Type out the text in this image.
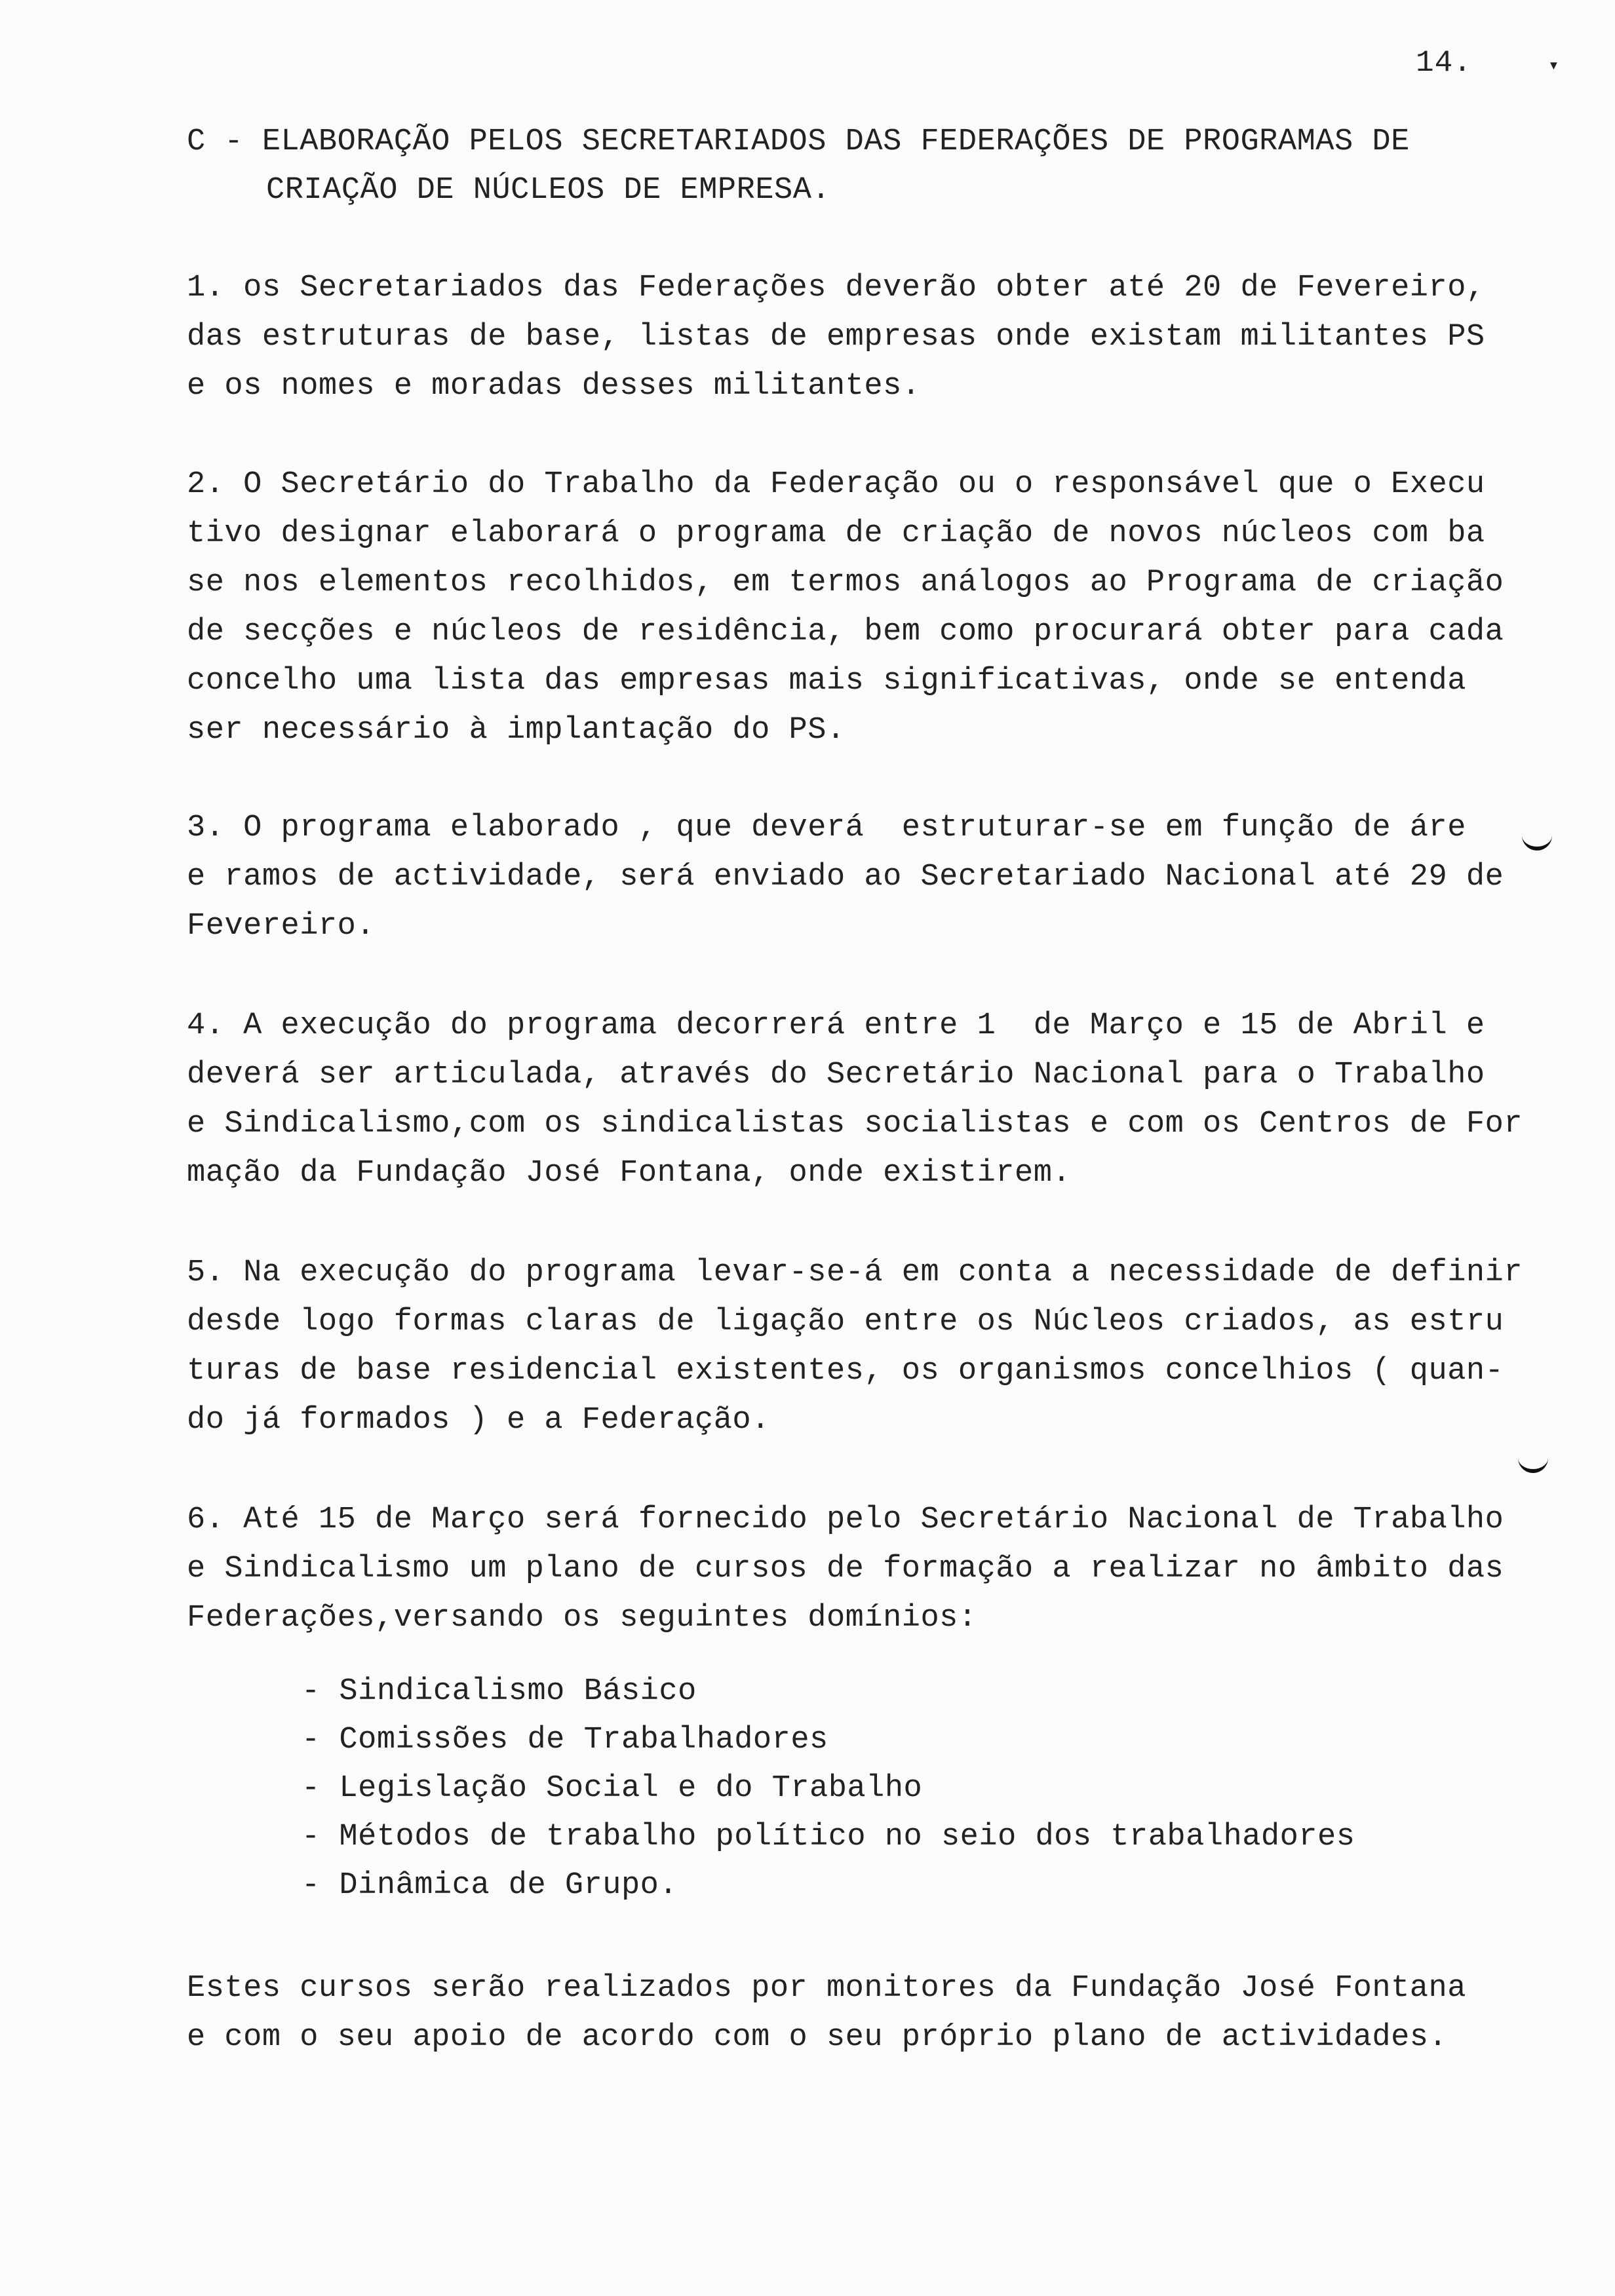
14.	▾
C - ELABORAÇÃO PELOS SECRETARIADOS DAS FEDERAÇÕES DE PROGRAMAS DE
CRIAÇÃO DE NÚCLEOS DE EMPRESA.
1. os Secretariados das Federações deverão obter até 20 de Fevereiro,
das estruturas de base, listas de empresas onde existam militantes PS
e os nomes e moradas desses militantes.
2. O Secretário do Trabalho da Federação ou o responsável que o Execu
tivo designar elaborará o programa de criação de novos núcleos com ba
se nos elementos recolhidos, em termos análogos ao Programa de criação
de secções e núcleos de residência, bem como procurará obter para cada
concelho uma lista das empresas mais significativas, onde se entenda
ser necessário à implantação do PS.
3. O programa elaborado , que deverá  estruturar-se em função de áre
e ramos de actividade, será enviado ao Secretariado Nacional até 29 de
Fevereiro.
4. A execução do programa decorrerá entre 1  de Março e 15 de Abril e
deverá ser articulada, através do Secretário Nacional para o Trabalho
e Sindicalismo,com os sindicalistas socialistas e com os Centros de For
mação da Fundação José Fontana, onde existirem.
5. Na execução do programa levar-se-á em conta a necessidade de definir
desde logo formas claras de ligação entre os Núcleos criados, as estru
turas de base residencial existentes, os organismos concelhios ( quan-
do já formados ) e a Federação.
6. Até 15 de Março será fornecido pelo Secretário Nacional de Trabalho
e Sindicalismo um plano de cursos de formação a realizar no âmbito das
Federações,versando os seguintes domínios:
- Sindicalismo Básico
- Comissões de Trabalhadores
- Legislação Social e do Trabalho
- Métodos de trabalho político no seio dos trabalhadores
- Dinâmica de Grupo.
Estes cursos serão realizados por monitores da Fundação José Fontana
e com o seu apoio de acordo com o seu próprio plano de actividades.
